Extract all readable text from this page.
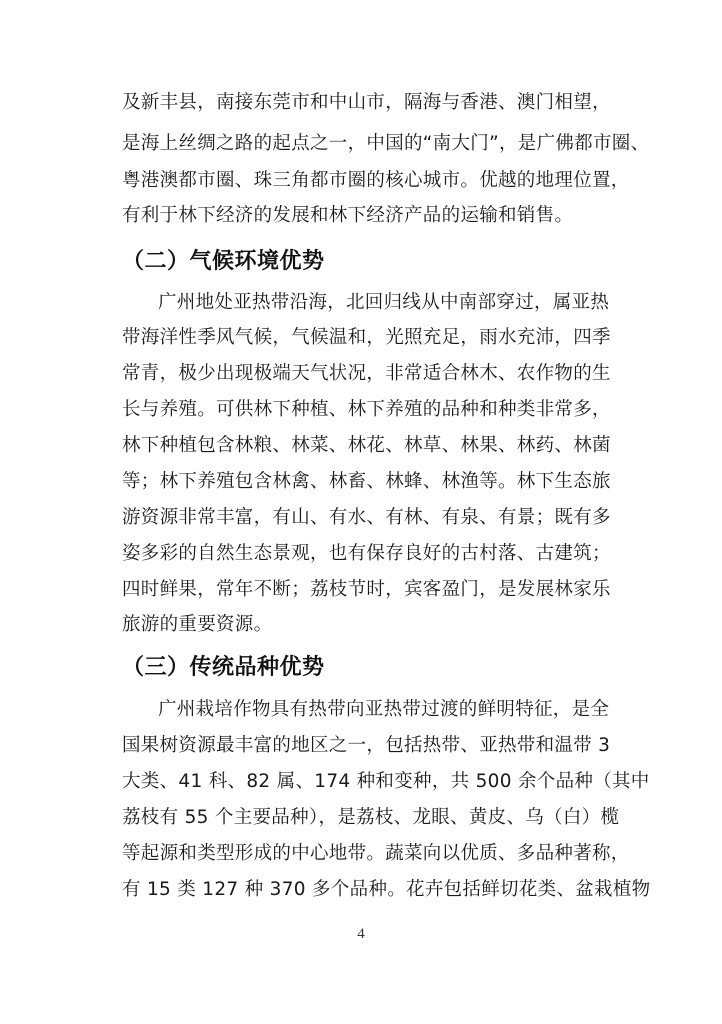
及新丰县，南接东莞市和中山市，隔海与香港、澳门相望，
是海上丝绸之路的起点之一，中国的“南大门”，是广佛都市圈、
粤港澳都市圈、珠三角都市圈的核心城市。优越的地理位置，
有利于林下经济的发展和林下经济产品的运输和销售。
（二）气候环境优势
广州地处亚热带沿海，北回归线从中南部穿过，属亚热
带海洋性季风气候，气候温和，光照充足，雨水充沛，四季
常青，极少出现极端天气状况，非常适合林木、农作物的生
长与养殖。可供林下种植、林下养殖的品种和种类非常多，
林下种植包含林粮、林菜、林花、林草、林果、林药、林菌
等；林下养殖包含林禽、林畜、林蜂、林渔等。林下生态旅
游资源非常丰富，有山、有水、有林、有泉、有景；既有多
姿多彩的自然生态景观，也有保存良好的古村落、古建筑；
四时鲜果，常年不断；荔枝节时，宾客盈门，是发展林家乐
旅游的重要资源。
（三）传统品种优势
广州栽培作物具有热带向亚热带过渡的鲜明特征，是全
国果树资源最丰富的地区之一，包括热带、亚热带和温带 3
大类、41 科、82 属、174 种和变种，共 500 余个品种（其中
荔枝有 55 个主要品种），是荔枝、龙眼、黄皮、乌（白）榄
等起源和类型形成的中心地带。蔬菜向以优质、多品种著称，
有 15 类 127 种 370 多个品种。花卉包括鲜切花类、盆栽植物
4
